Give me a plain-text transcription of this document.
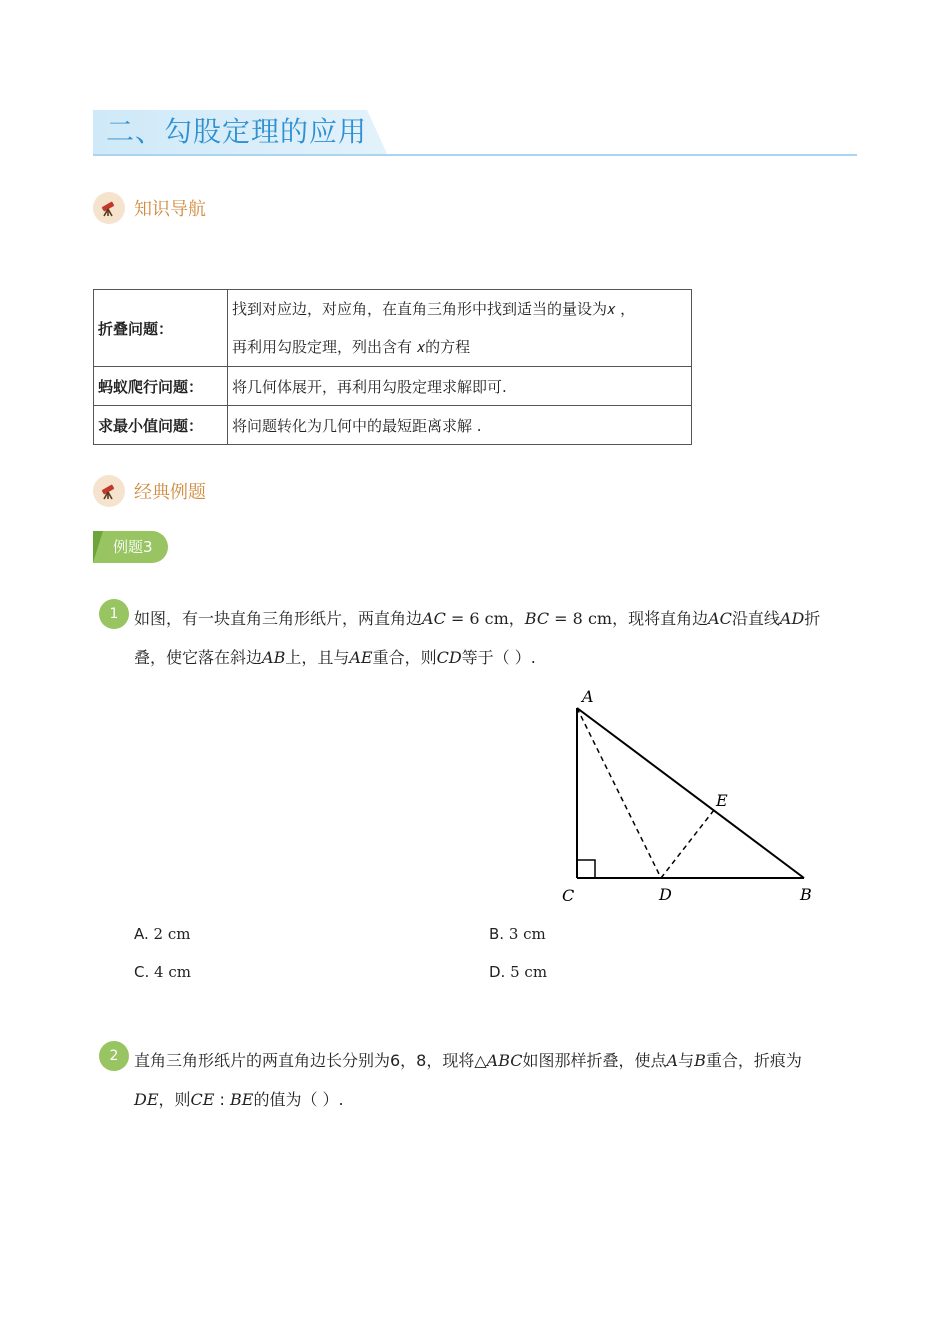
二、勾股定理的应用
知识导航
折叠问题：	找到对应边，对应角，在直角三角形中找到适当的量设为𝑥 ，
再利用勾股定理，列出含有 𝑥的方程

蚂蚁爬行问题：	将几何体展开，再利用勾股定理求解即可.
求最小值问题：	将问题转化为几何中的最短距离求解 .
经典例题
例题3
1 如图，有一块直角三角形纸片，两直角边AC = 6 cm，BC = 8 cm，现将直角边AC沿直线AD折
叠，使它落在斜边AB上，且与AE重合，则CD等于（ ）.
A
C	D	B
E
A. 2 cm	B. 3 cm
C. 4 cm	D. 5 cm
2 直角三角形纸片的两直角边长分别为6，8，现将△ABC如图那样折叠，使点A与B重合，折痕为
DE，则CE : BE的值为（ ）.
